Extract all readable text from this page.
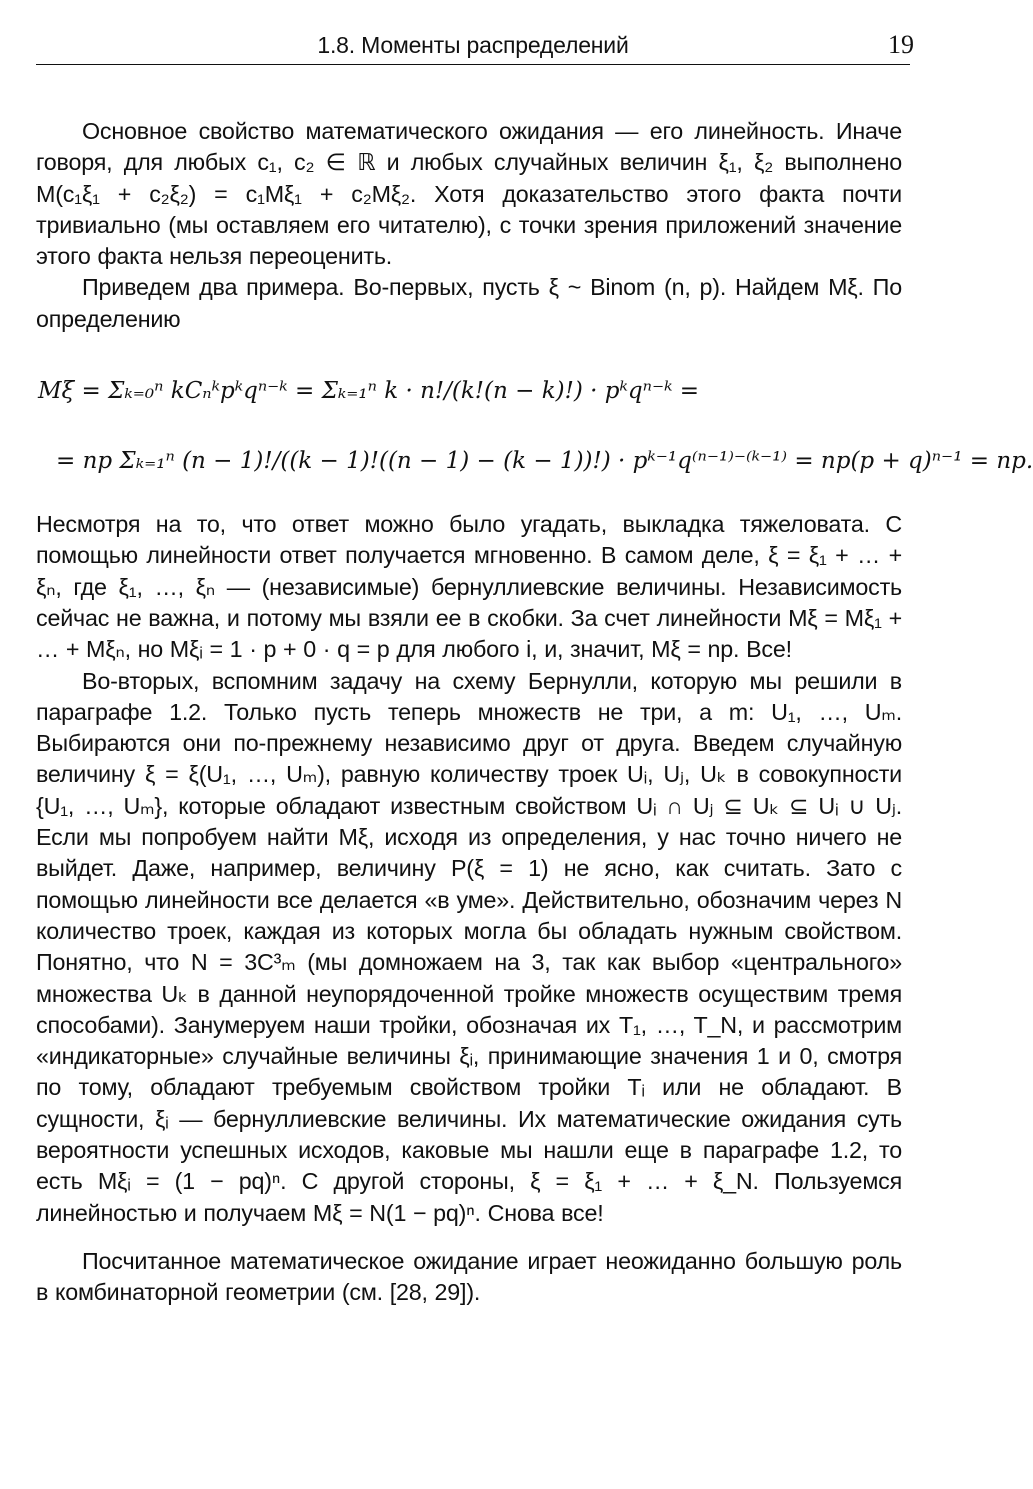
1.8. Моменты распределений	19

Основное свойство математического ожидания — его линейность. Иначе говоря, для любых c₁, c₂ ∈ ℝ и любых случайных величин ξ₁, ξ₂ выполнено M(c₁ξ₁ + c₂ξ₂) = c₁Mξ₁ + c₂Mξ₂. Хотя доказательство этого факта почти тривиально (мы оставляем его читателю), с точки зрения приложений значение этого факта нельзя переоценить.

Приведем два примера. Во-первых, пусть ξ ~ Binom (n, p). Найдем Mξ. По определению

Mξ = Σₖ₌₀ⁿ kCₙᵏpᵏqⁿ⁻ᵏ = Σₖ₌₁ⁿ k · n!/(k!(n − k)!) · pᵏqⁿ⁻ᵏ =
= np Σₖ₌₁ⁿ (n − 1)!/((k − 1)!((n − 1) − (k − 1))!) · pᵏ⁻¹q⁽ⁿ⁻¹⁾⁻⁽ᵏ⁻¹⁾ = np(p + q)ⁿ⁻¹ = np.

Несмотря на то, что ответ можно было угадать, выкладка тяжеловата. С помощью линейности ответ получается мгновенно. В самом деле, ξ = ξ₁ + … + ξₙ, где ξ₁, …, ξₙ — (независимые) бернуллиевские величины. Независимость сейчас не важна, и потому мы взяли ее в скобки. За счет линейности Mξ = Mξ₁ + … + Mξₙ, но Mξᵢ = 1 · p + 0 · q = p для любого i, и, значит, Mξ = np. Все!

Во-вторых, вспомним задачу на схему Бернулли, которую мы решили в параграфе 1.2. Только пусть теперь множеств не три, а m: U₁, …, Uₘ. Выбираются они по-прежнему независимо друг от друга. Введем случайную величину ξ = ξ(U₁, …, Uₘ), равную количеству троек Uᵢ, Uⱼ, Uₖ в совокупности {U₁, …, Uₘ}, которые обладают известным свойством Uᵢ ∩ Uⱼ ⊆ Uₖ ⊆ Uᵢ ∪ Uⱼ. Если мы попробуем найти Mξ, исходя из определения, у нас точно ничего не выйдет. Даже, например, величину P(ξ = 1) не ясно, как считать. Зато с помощью линейности все делается «в уме». Действительно, обозначим через N количество троек, каждая из которых могла бы обладать нужным свойством. Понятно, что N = 3C³ₘ (мы домножаем на 3, так как выбор «центрального» множества Uₖ в данной неупорядоченной тройке множеств осуществим тремя способами). Занумеруем наши тройки, обозначая их T₁, …, T_N, и рассмотрим «индикаторные» случайные величины ξᵢ, принимающие значения 1 и 0, смотря по тому, обладают требуемым свойством тройки Tᵢ или не обладают. В сущности, ξᵢ — бернуллиевские величины. Их математические ожидания суть вероятности успешных исходов, каковые мы нашли еще в параграфе 1.2, то есть Mξᵢ = (1 − pq)ⁿ. С другой стороны, ξ = ξ₁ + … + ξ_N. Пользуемся линейностью и получаем Mξ = N(1 − pq)ⁿ. Снова все!

Посчитанное математическое ожидание играет неожиданно большую роль в комбинаторной геометрии (см. [28, 29]).
